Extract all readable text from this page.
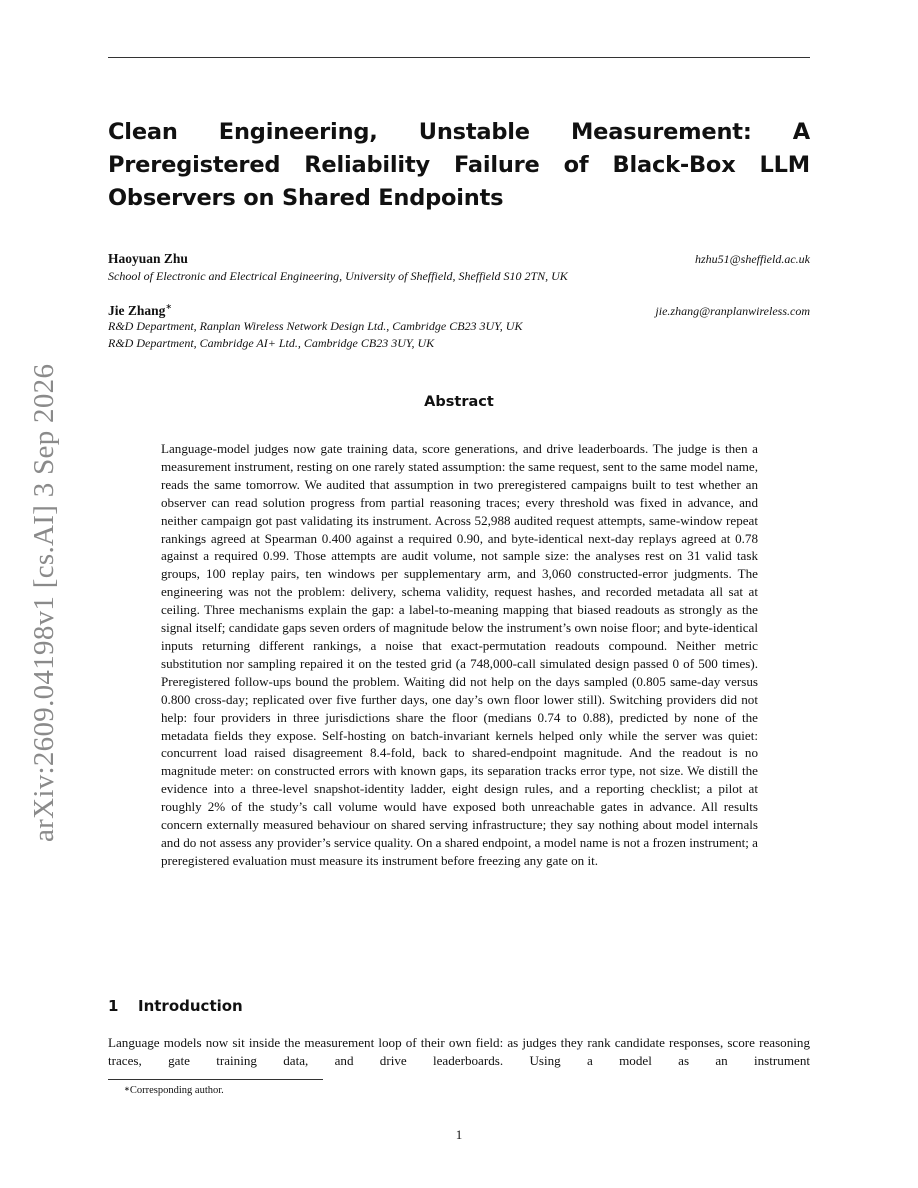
arXiv:2609.04198v1 [cs.AI] 3 Sep 2026
Clean Engineering, Unstable Measurement: A Preregistered Reliability Failure of Black-Box LLM Observers on Shared Endpoints
Haoyuan Zhu	hzhu51@sheffield.ac.uk
School of Electronic and Electrical Engineering, University of Sheffield, Sheffield S10 2TN, UK
Jie Zhang∗	jie.zhang@ranplanwireless.com
R&D Department, Ranplan Wireless Network Design Ltd., Cambridge CB23 3UY, UK
R&D Department, Cambridge AI+ Ltd., Cambridge CB23 3UY, UK
Abstract

Language-model judges now gate training data, score generations, and drive leaderboards. The judge is then a measurement instrument, resting on one rarely stated assumption: the same request, sent to the same model name, reads the same tomorrow. We audited that assumption in two preregistered campaigns built to test whether an observer can read solution progress from partial reasoning traces; every threshold was fixed in advance, and neither campaign got past validating its instrument. Across 52,988 audited request attempts, same-window repeat rankings agreed at Spearman 0.400 against a required 0.90, and byte-identical next-day replays agreed at 0.78 against a required 0.99. Those attempts are audit volume, not sample size: the analyses rest on 31 valid task groups, 100 replay pairs, ten windows per supplementary arm, and 3,060 constructed-error judgments. The engineering was not the problem: delivery, schema validity, request hashes, and recorded metadata all sat at ceiling. Three mechanisms explain the gap: a label-to-meaning mapping that biased readouts as strongly as the signal itself; candidate gaps seven orders of magnitude below the instrument’s own noise floor; and byte-identical inputs returning different rankings, a noise that exact-permutation readouts compound. Neither metric substitution nor sampling repaired it on the tested grid (a 748,000-call simulated design passed 0 of 500 times). Preregistered follow-ups bound the problem. Waiting did not help on the days sampled (0.805 same-day versus 0.800 cross-day; replicated over five further days, one day’s own floor lower still). Switching providers did not help: four providers in three jurisdictions share the floor (medians 0.74 to 0.88), predicted by none of the metadata fields they expose. Self-hosting on batch-invariant kernels helped only while the server was quiet: concurrent load raised disagreement 8.4-fold, back to shared-endpoint magnitude. And the readout is no magnitude meter: on constructed errors with known gaps, its separation tracks error type, not size. We distill the evidence into a three-level snapshot-identity ladder, eight design rules, and a reporting checklist; a pilot at roughly 2% of the study’s call volume would have exposed both unreachable gates in advance. All results concern externally measured behaviour on shared serving infrastructure; they say nothing about model internals and do not assess any provider’s service quality. On a shared endpoint, a model name is not a frozen instrument; a preregistered evaluation must measure its instrument before freezing any gate on it.

1 Introduction

Language models now sit inside the measurement loop of their own field: as judges they rank candidate responses, score reasoning traces, gate training data, and drive leaderboards. Using a model as an instrument

∗Corresponding author.
1
